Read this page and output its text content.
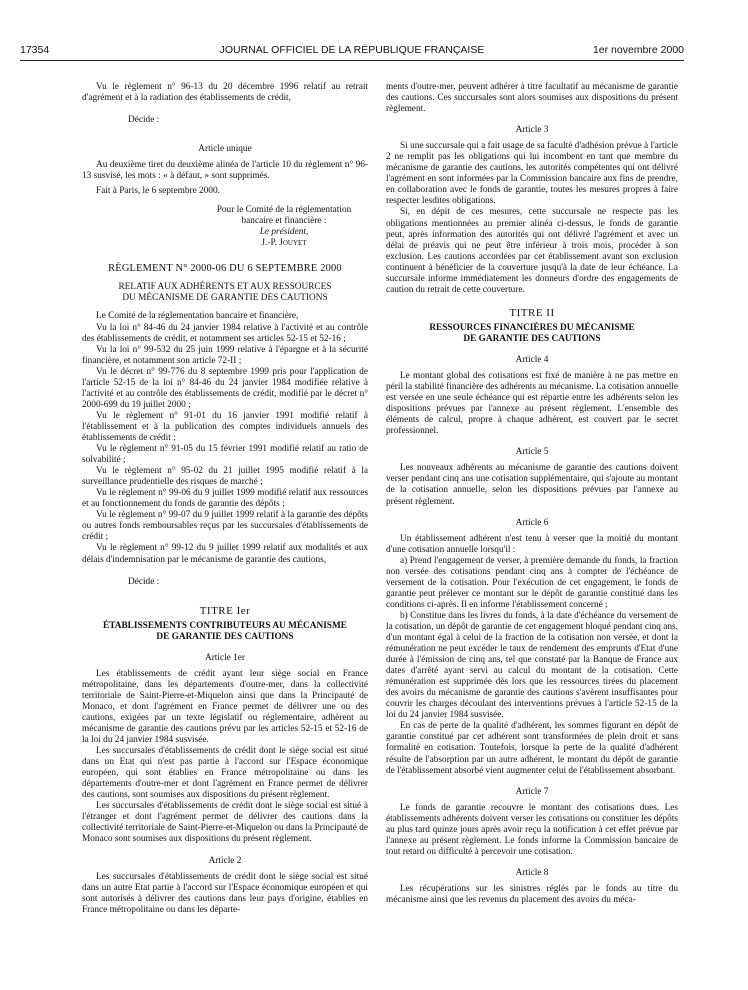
17354	JOURNAL OFFICIEL DE LA RÉPUBLIQUE FRANÇAISE	1er novembre 2000

Vu le règlement n° 96-13 du 20 décembre 1996 relatif au retrait d'agrément et à la radiation des établissements de crédit,

Décide :

Article unique

Au deuxième tiret du deuxième alinéa de l'article 10 du règlement n° 96-13 susvisé, les mots : « à défaut, » sont supprimés.

Fait à Paris, le 6 septembre 2000.

Pour le Comité de la réglementation
bancaire et financière :
Le président,
J.-P. Jouyet
RÈGLEMENT N° 2000-06 DU 6 SEPTEMBRE 2000
RELATIF AUX ADHÉRENTS ET AUX RESSOURCES
DU MÉCANISME DE GARANTIE DES CAUTIONS

Le Comité de la réglementation bancaire et financière,

Vu la loi n° 84-46 du 24 janvier 1984 relative à l'activité et au contrôle des établissements de crédit, et notamment ses articles 52-15 et 52-16 ;

Vu la loi n° 99-532 du 25 juin 1999 relative à l'épargne et à la sécurité financière, et notamment son article 72-II ;

Vu le décret n° 99-776 du 8 septembre 1999 pris pour l'application de l'article 52-15 de la loi n° 84-46 du 24 janvier 1984 modifiée relative à l'activité et au contrôle des établissements de crédit, modifié par le décret n° 2000-699 du 19 juillet 2000 ;

Vu le règlement n° 91-01 du 16 janvier 1991 modifié relatif à l'établissement et à la publication des comptes individuels annuels des établissements de crédit ;

Vu le règlement n° 91-05 du 15 février 1991 modifié relatif au ratio de solvabilité ;

Vu le règlement n° 95-02 du 21 juillet 1995 modifié relatif à la surveillance prudentielle des risques de marché ;

Vu le règlement n° 99-06 du 9 juillet 1999 modifié relatif aux ressources et au fonctionnement du fonds de garantie des dépôts ;

Vu le règlement n° 99-07 du 9 juillet 1999 relatif à la garantie des dépôts ou autres fonds remboursables reçus par les succursales d'établissements de crédit ;

Vu le règlement n° 99-12 du 9 juillet 1999 relatif aux modalités et aux délais d'indemnisation par le mécanisme de garantie des cautions,

Décide :

TITRE Ier
ÉTABLISSEMENTS CONTRIBUTEURS AU MÉCANISME
DE GARANTIE DES CAUTIONS
Article 1er

Les établissements de crédit ayant leur siège social en France métropolitaine, dans les départements d'outre-mer, dans la collectivité territoriale de Saint-Pierre-et-Miquelon ainsi que dans la Principauté de Monaco, et dont l'agrément en France permet de délivrer une ou des cautions, exigées par un texte législatif ou réglementaire, adhèrent au mécanisme de garantie des cautions prévu par les articles 52-15 et 52-16 de la loi du 24 janvier 1984 susvisée.

Les succursales d'établissements de crédit dont le siège social est situé dans un Etat qui n'est pas partie à l'accord sur l'Espace économique européen, qui sont établies en France métropolitaine ou dans les départements d'outre-mer et dont l'agrément en France permet de délivrer des cautions, sont soumises aux dispositions du présent règlement.

Les succursales d'établissements de crédit dont le siège social est situé à l'étranger et dont l'agrément permet de délivrer des cautions dans la collectivité territoriale de Saint-Pierre-et-Miquelon ou dans la Principauté de Monaco sont soumises aux dispositions du présent règlement.

Article 2

Les succursales d'établissements de crédit dont le siège social est situé dans un autre Etat partie à l'accord sur l'Espace économique européen et qui sont autorisés à délivrer des cautions dans leur pays d'origine, établies en France métropolitaine ou dans les départe-

ments d'outre-mer, peuvent adhérer à titre facultatif au mécanisme de garantie des cautions. Ces succursales sont alors soumises aux dispositions du présent règlement.

Article 3

Si une succursale qui a fait usage de sa faculté d'adhésion prévue à l'article 2 ne remplit pas les obligations qui lui incombent en tant que membre du mécanisme de garantie des cautions, les autorités compétentes qui ont délivré l'agrément en sont informées par la Commission bancaire aux fins de prendre, en collaboration avec le fonds de garantie, toutes les mesures propres à faire respecter lesdites obligations.

Si, en dépit de ces mesures, cette succursale ne respecte pas les obligations mentionnées au premier alinéa ci-dessus, le fonds de garantie peut, après information des autorités qui ont délivré l'agrément et avec un délai de préavis qui ne peut être inférieur à trois mois, procéder à son exclusion. Les cautions accordées par cet établissement avant son exclusion continuent à bénéficier de la couverture jusqu'à la date de leur échéance. La succursale informe immédiatement les donneurs d'ordre des engagements de caution du retrait de cette couverture.

TITRE II
RESSOURCES FINANCIÈRES DU MÉCANISME
DE GARANTIE DES CAUTIONS
Article 4

Le montant global des cotisations est fixé de manière à ne pas mettre en péril la stabilité financière des adhérents au mécanisme. La cotisation annuelle est versée en une seule échéance qui est répartie entre les adhérents selon les dispositions prévues par l'annexe au présent règlement. L'ensemble des éléments de calcul, propre à chaque adhérent, est couvert par le secret professionnel.

Article 5

Les nouveaux adhérents au mécanisme de garantie des cautions doivent verser pendant cinq ans une cotisation supplémentaire, qui s'ajoute au montant de la cotisation annuelle, selon les dispositions prévues par l'annexe au présent règlement.

Article 6

Un établissement adhérent n'est tenu à verser que la moitié du montant d'une cotisation annuelle lorsqu'il :

a) Prend l'engagement de verser, à première demande du fonds, la fraction non versée des cotisations pendant cinq ans à compter de l'échéance de versement de la cotisation. Pour l'exécution de cet engagement, le fonds de garantie peut prélever ce montant sur le dépôt de garantie constitué dans les conditions ci-après. Il en informe l'établissement concerné ;

b) Constitue dans les livres du fonds, à la date d'échéance du versement de la cotisation, un dépôt de garantie de cet engagement bloqué pendant cinq ans, d'un montant égal à celui de la fraction de la cotisation non versée, et dont la rémunération ne peut excéder le taux de rendement des emprunts d'Etat d'une durée à l'émission de cinq ans, tel que constaté par la Banque de France aux dates d'arrêté ayant servi au calcul du montant de la cotisation. Cette rémunération est supprimée dès lors que les ressources tirées du placement des avoirs du mécanisme de garantie des cautions s'avèrent insuffisantes pour couvrir les charges découlant des interventions prévues à l'article 52-15 de la loi du 24 janvier 1984 susvisée.

En cas de perte de la qualité d'adhérent, les sommes figurant en dépôt de garantie constitué par cet adhérent sont transformées de plein droit et sans formalité en cotisation. Toutefois, lorsque la perte de la qualité d'adhérent résulte de l'absorption par un autre adhérent, le montant du dépôt de garantie de l'établissement absorbé vient augmenter celui de l'établissement absorbant.

Article 7

Le fonds de garantie recouvre le montant des cotisations dues. Les établissements adhérents doivent verser les cotisations ou constituer les dépôts au plus tard quinze jours après avoir reçu la notification à cet effet prévue par l'annexe au présent règlement. Le fonds informe la Commission bancaire de tout retard ou difficulté à percevoir une cotisation.

Article 8

Les récupérations sur les sinistres réglés par le fonds au titre du mécanisme ainsi que les revenus du placement des avoirs du méca-
